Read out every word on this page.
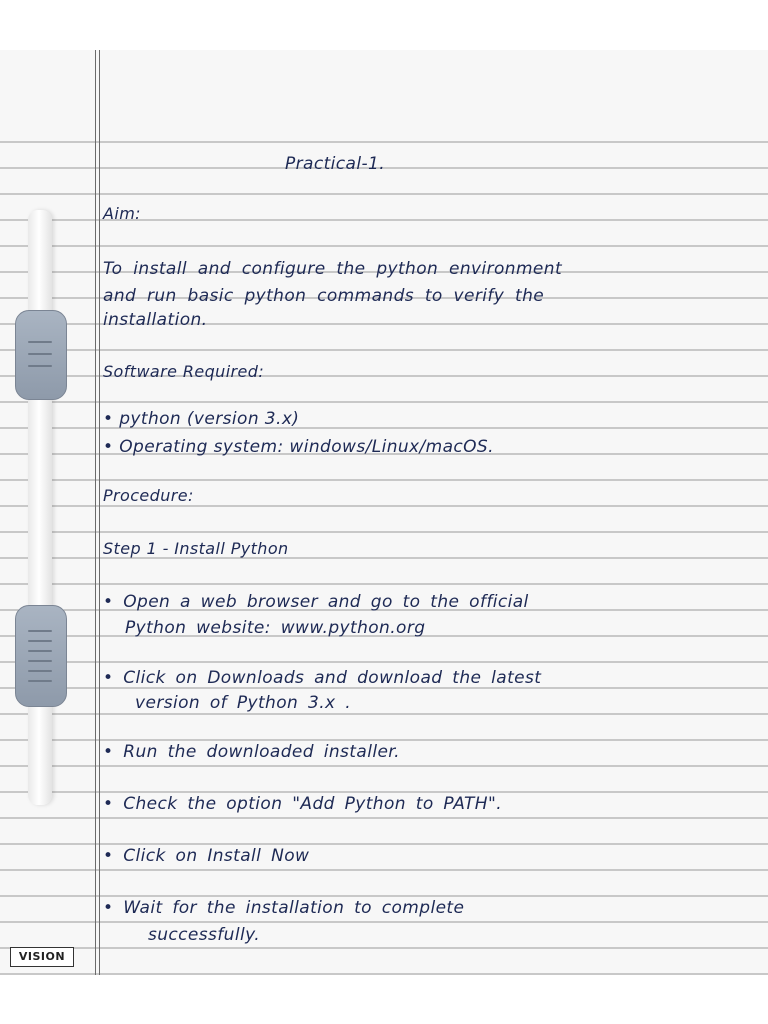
Practical-1.
Aim:
To install and configure the python environment
and run basic python commands to verify the
installation.
Software Required:
• python (version 3.x)
• Operating system: windows/Linux/macOS.
Procedure:
Step 1 - Install Python
• Open a web browser and go to the official
Python website: www.python.org
• Click on Downloads and download the latest
version of Python 3.x .
• Run the downloaded installer.
• Check the option "Add Python to PATH".
• Click on Install Now
• Wait for the installation to complete
successfully.
VISION
